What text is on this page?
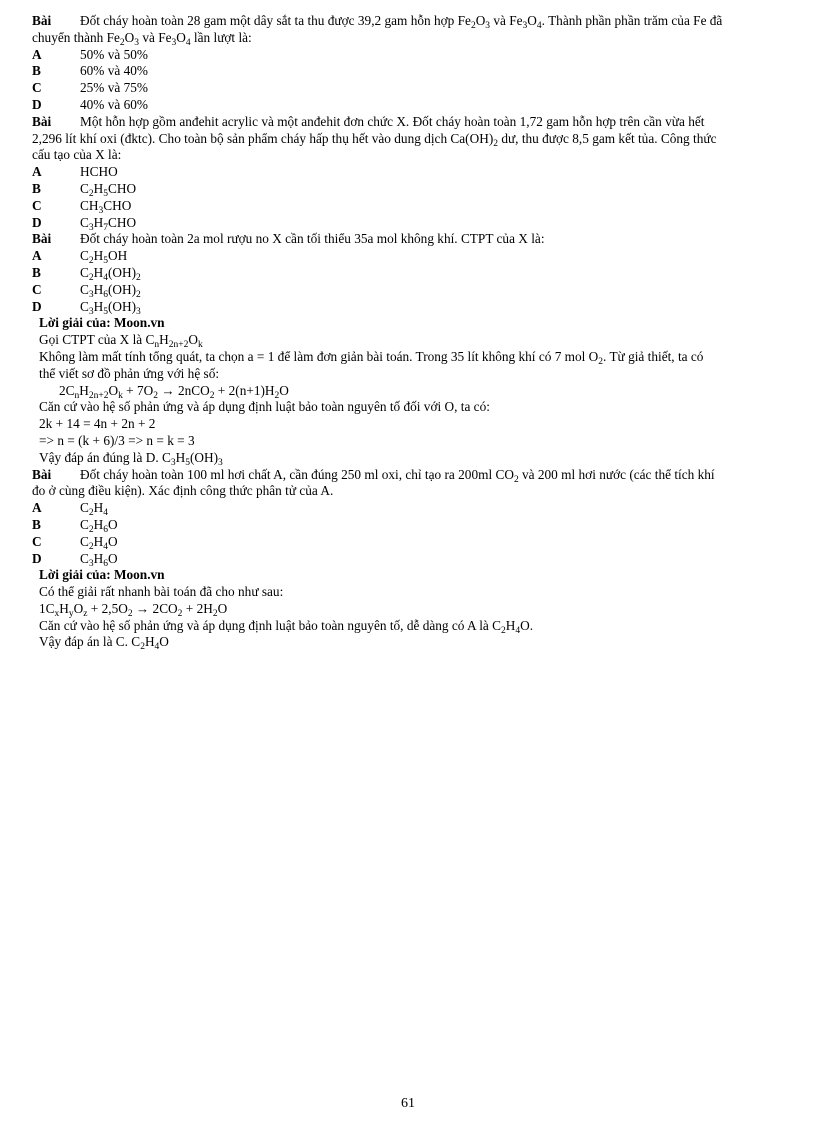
Bài	Đốt cháy hoàn toàn 28 gam một dây sắt ta thu được 39,2 gam hỗn hợp $Fe_2O_3$ và $Fe_3O_4$. Thành phần phần trăm của Fe đã
chuyển thành $Fe_2O_3$ và $Fe_3O_4$ lần lượt là:
A	50% và 50%
B	60% và 40%
C	25% và 75%
D	40% và 60%
Bài	Một hỗn hợp gồm anđehit acrylic và một anđehit đơn chức X. Đốt cháy hoàn toàn 1,72 gam hỗn hợp trên cần vừa hết
2,296 lít khí oxi (đktc). Cho toàn bộ sản phẩm cháy hấp thụ hết vào dung dịch $Ca(OH)_2$ dư, thu được 8,5 gam kết tủa. Công thức
cấu tạo của X là:
A	HCHO
B	$C_2H_5CHO$
C	$CH_3CHO$
D	$C_3H_7CHO$
Bài	Đốt cháy hoàn toàn 2a mol rượu no X cần tối thiểu 35a mol không khí. CTPT của X là:
A	$C_2H_5OH$
B	$C_2H_4(OH)_2$
C	$C_3H_6(OH)_2$
D	$C_3H_5(OH)_3$
Lời giải của: Moon.vn
Gọi CTPT của X là $C_nH_{2n+2}O_k$
Không làm mất tính tổng quát, ta chọn a = 1 để làm đơn giản bài toán. Trong 35 lít không khí có 7 mol $O_2$. Từ giả thiết, ta có
thể viết sơ đồ phản ứng với hệ số:
$2C_nH_{2n+2}O_k + 7O_2 \to 2nCO_2 + 2(n+1)H_2O$
Căn cứ vào hệ số phản ứng và áp dụng định luật bảo toàn nguyên tố đối với O, ta có:
2k + 14 = 4n + 2n + 2
=> n = (k + 6)/3 => n = k = 3
Vậy đáp án đúng là D. $C_3H_5(OH)_3$
Bài	Đốt cháy hoàn toàn 100 ml hơi chất A, cần đúng 250 ml oxi, chỉ tạo ra 200ml $CO_2$ và 200 ml hơi nước (các thể tích khí
đo ở cùng điều kiện). Xác định công thức phân tử của A.
A	$C_2H_4$
B	$C_2H_6O$
C	$C_2H_4O$
D	$C_3H_6O$
Lời giải của: Moon.vn
Có thể giải rất nhanh bài toán đã cho như sau:
$1C_xH_yO_z + 2,5O_2 \to 2CO_2 + 2H_2O$
Căn cứ vào hệ số phản ứng và áp dụng định luật bảo toàn nguyên tố, dễ dàng có A là $C_2H_4O$.
Vậy đáp án là C. $C_2H_4O$
61
